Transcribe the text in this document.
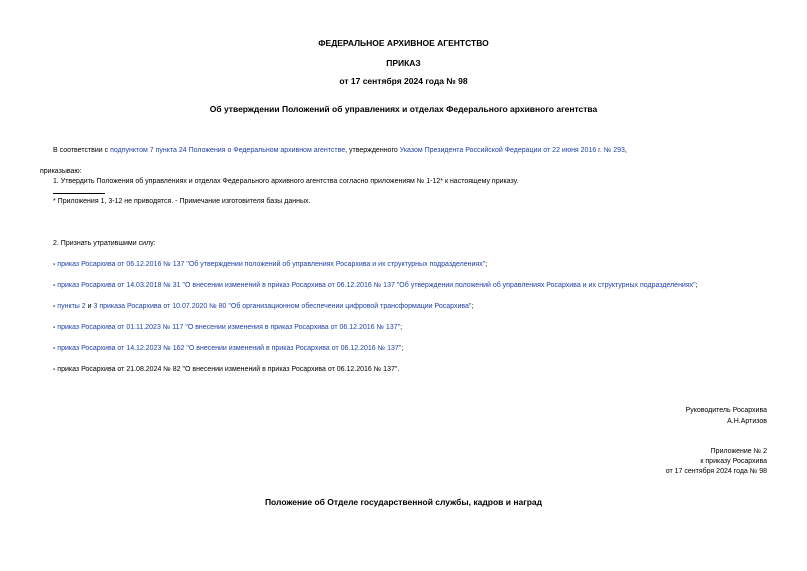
ФЕДЕРАЛЬНОЕ АРХИВНОЕ АГЕНТСТВО
ПРИКАЗ
от 17 сентября 2024 года № 98
Об утверждении Положений об управлениях и отделах Федерального архивного агентства
В соответствии с подпунктом 7 пункта 24 Положения о Федеральном архивном агентстве, утвержденного Указом Президента Российской Федерации от 22 июня 2016 г. № 293,
приказываю:
1. Утвердить Положения об управлениях и отделах Федерального архивного агентства согласно приложениям № 1-12* к настоящему приказу.
* Приложения 1, 3-12 не приводятся. - Примечание изготовителя базы данных.
2. Признать утратившими силу:
- приказ Росархива от 06.12.2016 № 137 "Об утверждении положений об управлениях Росархива и их структурных подразделениях";
- приказ Росархива от 14.03.2018 № 31 "О внесении изменений в приказ Росархива от 06.12.2016 № 137 "Об утверждении положений об управлениях Росархива и их структурных подразделениях";
- пункты 2 и 3 приказа Росархива от 10.07.2020 № 80 "Об организационном обеспечении цифровой трансформации Росархива";
- приказ Росархива от 01.11.2023 № 117 "О внесении изменения в приказ Росархива от 06.12.2016 № 137";
- приказ Росархива от 14.12.2023 № 162 "О внесении изменений в приказ Росархива от 06.12.2016 № 137";
- приказ Росархива от 21.08.2024 № 82 "О внесении изменений в приказ Росархива от 06.12.2016 № 137".
Руководитель Росархива
А.Н.Артизов
Приложение № 2
к приказу Росархива
от 17 сентября 2024 года № 98
Положение об Отделе государственной службы, кадров и наград
